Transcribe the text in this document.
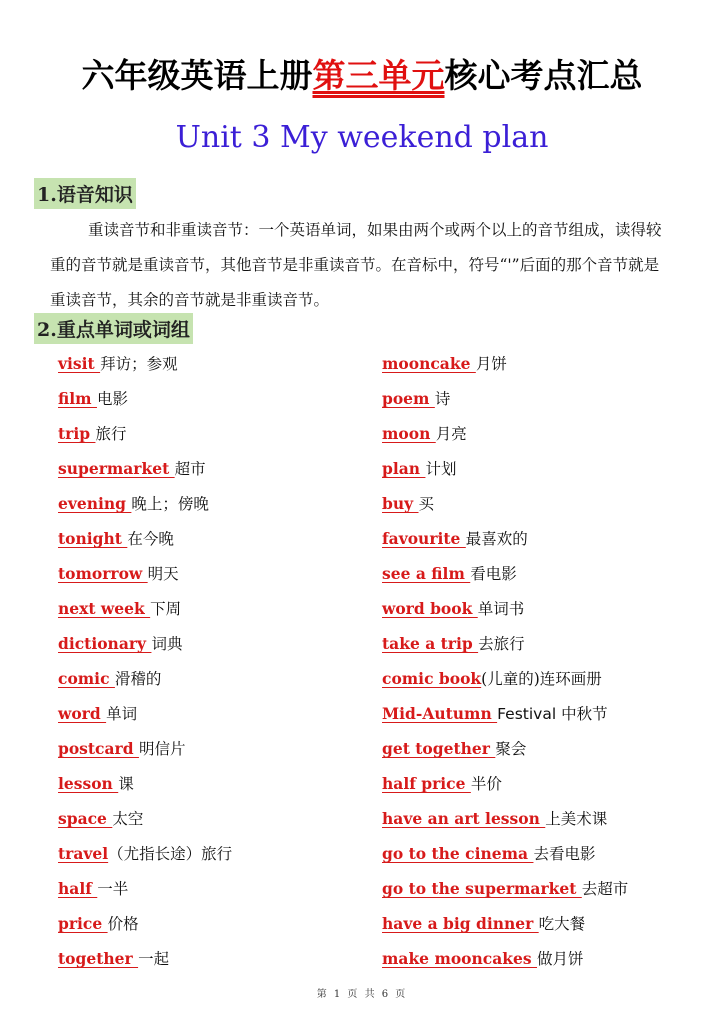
六年级英语上册第三单元核心考点汇总
Unit 3 My weekend plan
1.语音知识
重读音节和非重读音节：一个英语单词，如果由两个或两个以上的音节组成，读得较重的音节就是重读音节，其他音节是非重读音节。在音标中，符号“'”后面的那个音节就是重读音节，其余的音节就是非重读音节。
2.重点单词或词组
visit 拜访；参观
film 电影
trip 旅行
supermarket 超市
evening 晚上；傍晚
tonight 在今晚
tomorrow 明天
next week 下周
dictionary 词典
comic 滑稽的
word 单词
postcard 明信片
lesson 课
space 太空
travel（尤指长途）旅行
half 一半
price 价格
together 一起
mooncake 月饼
poem 诗
moon 月亮
plan 计划
buy 买
favourite 最喜欢的
see a film 看电影
word book 单词书
take a trip 去旅行
comic book(儿童的)连环画册
Mid-Autumn Festival 中秋节
get together 聚会
half price 半价
have an art lesson 上美术课
go to the cinema 去看电影
go to the supermarket 去超市
have a big dinner 吃大餐
make mooncakes 做月饼
第 1 页 共 6 页
